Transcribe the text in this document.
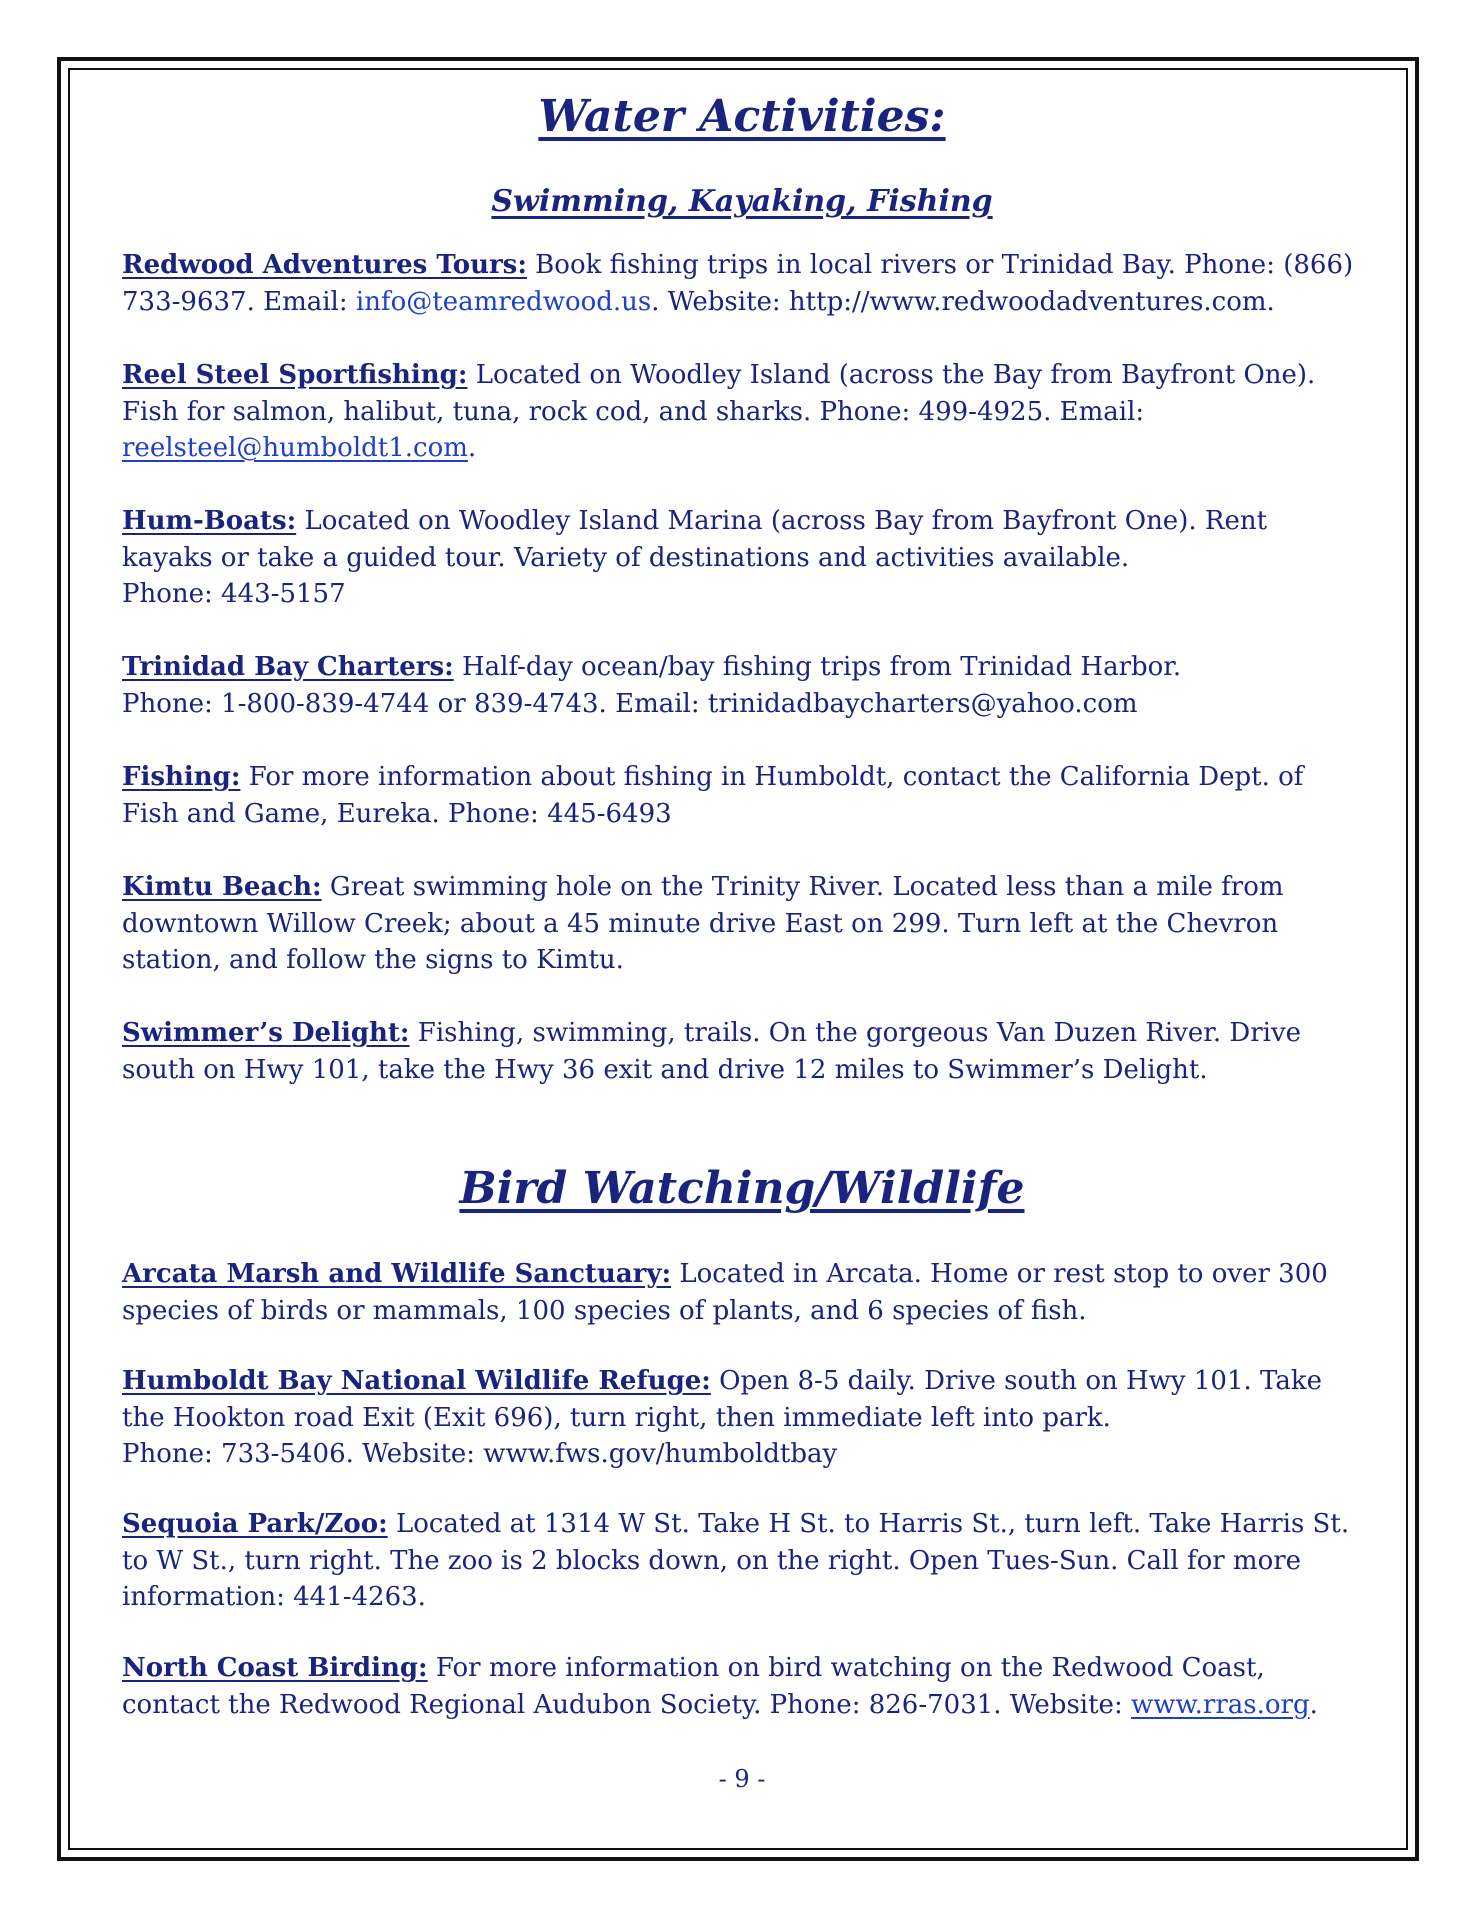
Water Activities:
Swimming, Kayaking, Fishing

Redwood Adventures Tours: Book fishing trips in local rivers or Trinidad Bay. Phone: (866) 733-9637. Email: info@teamredwood.us. Website: http://www.redwoodadventures.com.

Reel Steel Sportfishing: Located on Woodley Island (across the Bay from Bayfront One). Fish for salmon, halibut, tuna, rock cod, and sharks. Phone: 499-4925. Email: reelsteel@humboldt1.com.

Hum-Boats: Located on Woodley Island Marina (across Bay from Bayfront One). Rent kayaks or take a guided tour. Variety of destinations and activities available.
Phone: 443-5157

Trinidad Bay Charters: Half-day ocean/bay fishing trips from Trinidad Harbor.
Phone: 1-800-839-4744 or 839-4743. Email: trinidadbaycharters@yahoo.com

Fishing: For more information about fishing in Humboldt, contact the California Dept. of Fish and Game, Eureka. Phone: 445-6493

Kimtu Beach: Great swimming hole on the Trinity River. Located less than a mile from downtown Willow Creek; about a 45 minute drive East on 299. Turn left at the Chevron station, and follow the signs to Kimtu.

Swimmer’s Delight: Fishing, swimming, trails. On the gorgeous Van Duzen River. Drive south on Hwy 101, take the Hwy 36 exit and drive 12 miles to Swimmer’s Delight.

Bird Watching/Wildlife

Arcata Marsh and Wildlife Sanctuary: Located in Arcata. Home or rest stop to over 300 species of birds or mammals, 100 species of plants, and 6 species of fish.

Humboldt Bay National Wildlife Refuge: Open 8-5 daily. Drive south on Hwy 101. Take the Hookton road Exit (Exit 696), turn right, then immediate left into park.
Phone: 733-5406. Website: www.fws.gov/humboldtbay

Sequoia Park/Zoo: Located at 1314 W St. Take H St. to Harris St., turn left. Take Harris St. to W St., turn right. The zoo is 2 blocks down, on the right. Open Tues-Sun. Call for more information: 441-4263.

North Coast Birding: For more information on bird watching on the Redwood Coast, contact the Redwood Regional Audubon Society. Phone: 826-7031. Website: www.rras.org.

- 9 -
